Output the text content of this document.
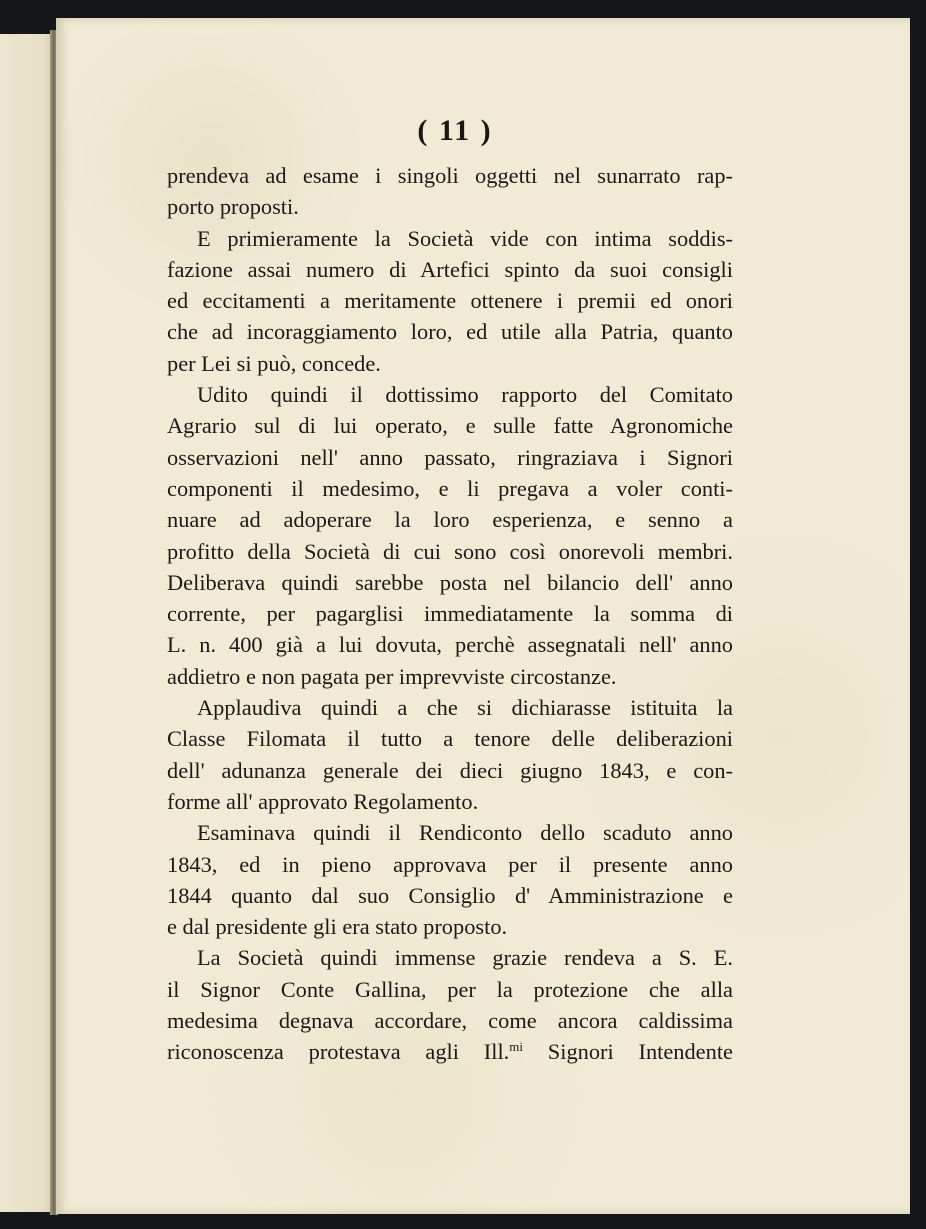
( 11 )
prendeva ad esame i singoli oggetti nel sunarrato rap-
porto proposti.
E primieramente la Società vide con intima soddis-
fazione assai numero di Artefici spinto da suoi consigli
ed eccitamenti a meritamente ottenere i premii ed onori
che ad incoraggiamento loro, ed utile alla Patria, quanto
per Lei si può, concede.
Udito quindi il dottissimo rapporto del Comitato
Agrario sul di lui operato, e sulle fatte Agronomiche
osservazioni nell' anno passato, ringraziava i Signori
componenti il medesimo, e li pregava a voler conti-
nuare ad adoperare la loro esperienza, e senno a
profitto della Società di cui sono così onorevoli membri.
Deliberava quindi sarebbe posta nel bilancio dell' anno
corrente, per pagarglisi immediatamente la somma di
L. n. 400 già a lui dovuta, perchè assegnatali nell' anno
addietro e non pagata per imprevviste circostanze.
Applaudiva quindi a che si dichiarasse istituita la
Classe Filomata il tutto a tenore delle deliberazioni
dell' adunanza generale dei dieci giugno 1843, e con-
forme all' approvato Regolamento.
Esaminava quindi il Rendiconto dello scaduto anno
1843, ed in pieno approvava per il presente anno
1844 quanto dal suo Consiglio d' Amministrazione e
e dal presidente gli era stato proposto.
La Società quindi immense grazie rendeva a S. E.
il Signor Conte Gallina, per la protezione che alla
medesima degnava accordare, come ancora caldissima
riconoscenza protestava agli Ill.$^{mi}$ Signori Intendente
